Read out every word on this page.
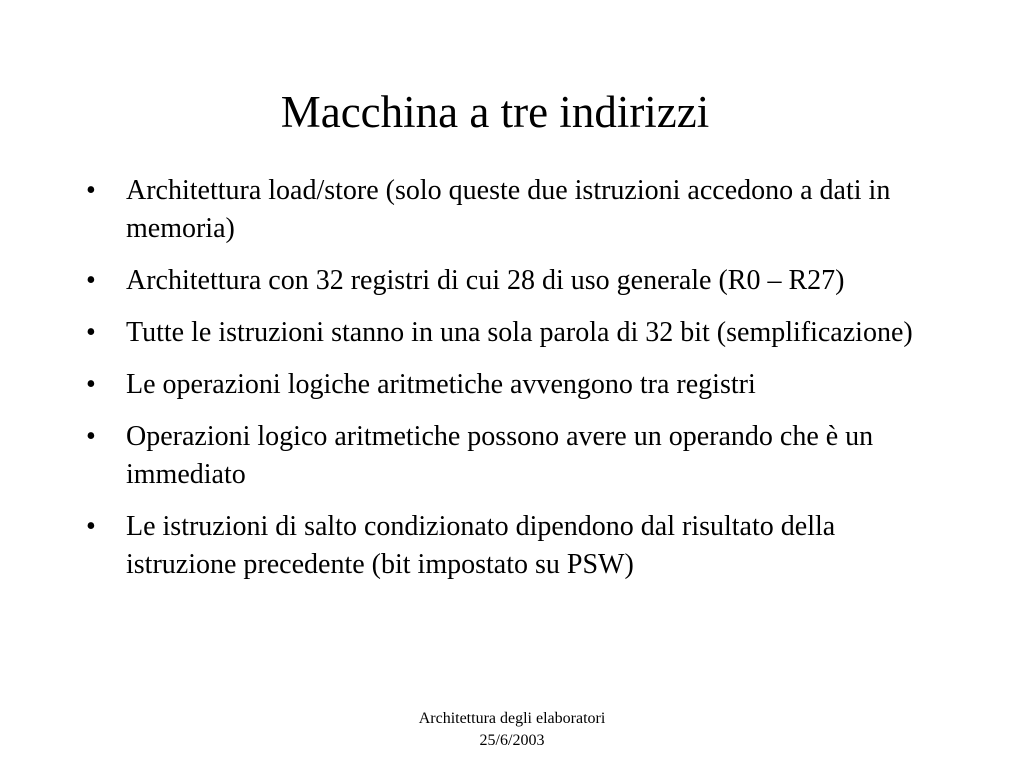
Macchina a tre indirizzi
• Architettura load/store (solo queste due istruzioni accedono a dati in memoria)
• Architettura con 32 registri di cui 28 di uso generale (R0 – R27)
• Tutte le istruzioni stanno in una sola parola di 32 bit (semplificazione)
• Le operazioni logiche aritmetiche avvengono tra registri
• Operazioni logico aritmetiche possono avere un operando che è un immediato
• Le istruzioni di salto condizionato dipendono dal risultato della istruzione precedente (bit impostato su PSW)
Architettura degli elaboratori
25/6/2003
